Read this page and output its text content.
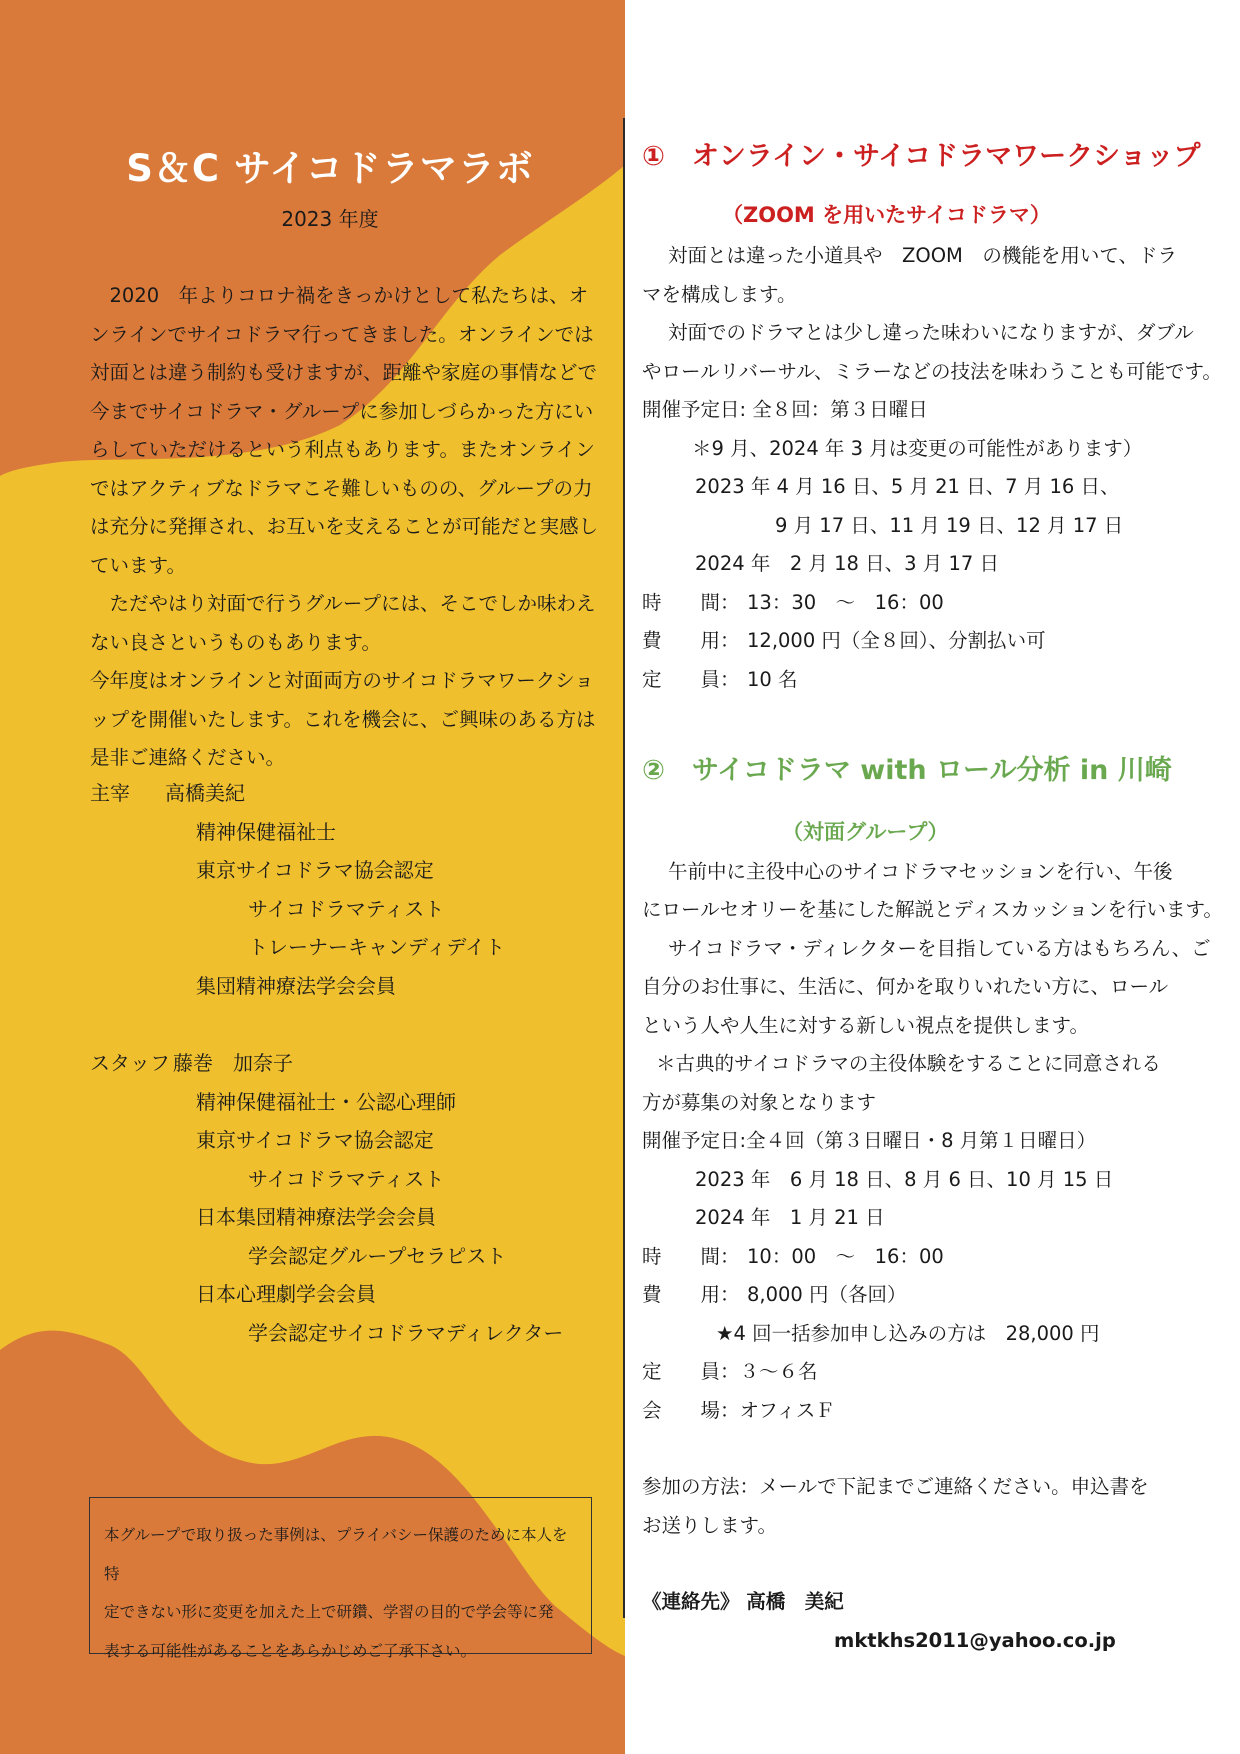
S＆C サイコドラマラボ
2023 年度

2020　年よりコロナ禍をきっかけとして私たちは、オンラインでサイコドラマ行ってきました。オンラインでは対面とは違う制約も受けますが、距離や家庭の事情などで今までサイコドラマ・グループに参加しづらかった方にいらしていただけるという利点もあります。またオンラインではアクティブなドラマこそ難しいものの、グループの力は充分に発揮され、お互いを支えることが可能だと実感しています。

ただやはり対面で行うグループには、そこでしか味わえない良さというものもあります。

今年度はオンラインと対面両方のサイコドラマワークショップを開催いたします。これを機会に、ご興味のある方は是非ご連絡ください。

主宰 高橋美紀
精神保健福祉士
東京サイコドラマ協会認定
サイコドラマティスト
トレーナーキャンディデイト
集団精神療法学会会員
スタッフ 藤巻　加奈子
精神保健福祉士・公認心理師
東京サイコドラマ協会認定
サイコドラマティスト
日本集団精神療法学会会員
学会認定グループセラピスト
日本心理劇学会会員
学会認定サイコドラマディレクター
本グループで取り扱った事例は、プライバシー保護のために本人を特
定できない形に変更を加えた上で研鑽、学習の目的で学会等に発
表する可能性があることをあらかじめご了承下さい。
①　オンライン・サイコドラマワークショップ
（ZOOM を用いたサイコドラマ）
対面とは違った小道具や　ZOOM　の機能を用いて、ドラ
マを構成します。
対面でのドラマとは少し違った味わいになりますが、ダブル
やロールリバーサル、ミラーなどの技法を味わうことも可能です。
開催予定日: 全８回：第３日曜日
＊9 月、2024 年 3 月は変更の可能性があります）
2023 年 4 月 16 日、5 月 21 日、7 月 16 日、
9 月 17 日、11 月 19 日、12 月 17 日
2024 年　2 月 18 日、3 月 17 日
時　　間： 13：30　～　16：00
費　　用： 12,000 円（全８回）、分割払い可
定　　員： 10 名
②　サイコドラマ with ロール分析 in 川崎
（対面グループ）
午前中に主役中心のサイコドラマセッションを行い、午後
にロールセオリーを基にした解説とディスカッションを行います。
サイコドラマ・ディレクターを目指している方はもちろん、ご
自分のお仕事に、生活に、何かを取りいれたい方に、ロール
という人や人生に対する新しい視点を提供します。
＊古典的サイコドラマの主役体験をすることに同意される
方が募集の対象となります
開催予定日:全４回（第３日曜日・8 月第１日曜日）
2023 年　6 月 18 日、8 月 6 日、10 月 15 日
2024 年　1 月 21 日
時　　間： 10：00　～　16：00
費　　用： 8,000 円（各回）
★4 回一括参加申し込みの方は　28,000 円
定　　員：３～６名
会　　場：オフィスＦ
参加の方法：メールで下記までご連絡ください。申込書を
お送りします。
《連絡先》 高橋　美紀
mktkhs2011@yahoo.co.jp
